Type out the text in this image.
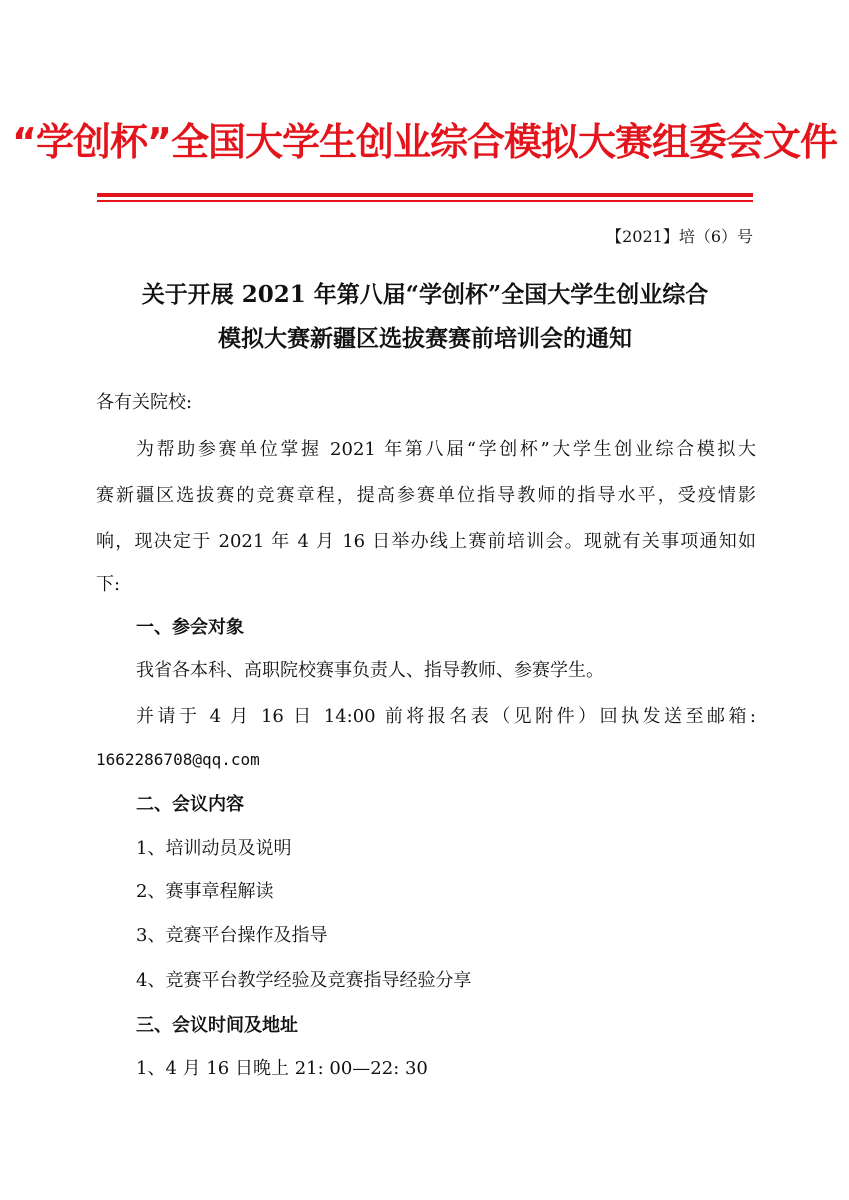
“学创杯”全国大学生创业综合模拟大赛组委会文件
【2021】培（6）号
关于开展 2021 年第八届“学创杯”全国大学生创业综合
模拟大赛新疆区选拔赛赛前培训会的通知
各有关院校:
为帮助参赛单位掌握 2021 年第八届“学创杯”大学生创业综合模拟大
赛新疆区选拔赛的竞赛章程，提高参赛单位指导教师的指导水平，受疫情影
响，现决定于 2021 年 4 月 16 日举办线上赛前培训会。现就有关事项通知如
下:
一、参会对象
我省各本科、高职院校赛事负责人、指导教师、参赛学生。
并请于 4 月 16 日 14:00 前将报名表（见附件）回执发送至邮箱:
1662286708@qq.com
二、会议内容
1、培训动员及说明
2、赛事章程解读
3、竞赛平台操作及指导
4、竞赛平台教学经验及竞赛指导经验分享
三、会议时间及地址
1、4 月 16 日晚上 21: 00—22: 30
